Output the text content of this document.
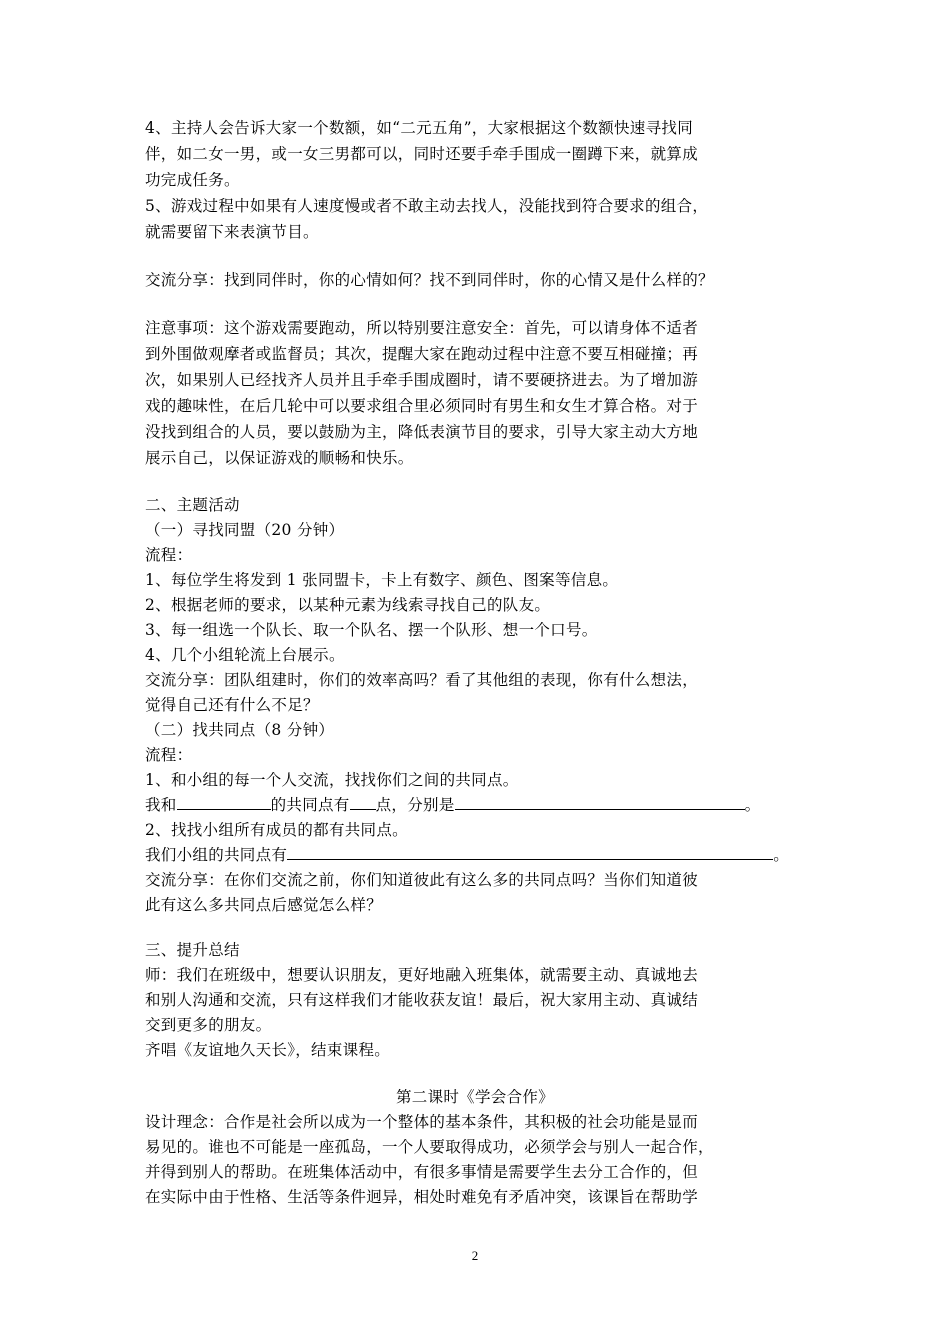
4、主持人会告诉大家一个数额，如“二元五角”，大家根据这个数额快速寻找同
伴，如二女一男，或一女三男都可以，同时还要手牵手围成一圈蹲下来，就算成
功完成任务。
5、游戏过程中如果有人速度慢或者不敢主动去找人，没能找到符合要求的组合，
就需要留下来表演节目。
交流分享：找到同伴时，你的心情如何？找不到同伴时，你的心情又是什么样的？
注意事项：这个游戏需要跑动，所以特别要注意安全：首先，可以请身体不适者
到外围做观摩者或监督员；其次，提醒大家在跑动过程中注意不要互相碰撞；再
次，如果别人已经找齐人员并且手牵手围成圈时，请不要硬挤进去。为了增加游
戏的趣味性，在后几轮中可以要求组合里必须同时有男生和女生才算合格。对于
没找到组合的人员，要以鼓励为主，降低表演节目的要求，引导大家主动大方地
展示自己，以保证游戏的顺畅和快乐。
二、主题活动
（一）寻找同盟（20 分钟）
流程：
1、每位学生将发到 1 张同盟卡，卡上有数字、颜色、图案等信息。
2、根据老师的要求，以某种元素为线索寻找自己的队友。
3、每一组选一个队长、取一个队名、摆一个队形、想一个口号。
4、几个小组轮流上台展示。
交流分享：团队组建时，你们的效率高吗？看了其他组的表现，你有什么想法，
觉得自己还有什么不足？
（二）找共同点（8 分钟）
流程：
1、和小组的每一个人交流，找找你们之间的共同点。
我和	的共同点有 点，分别是	。
2、找找小组所有成员的都有共同点。
我们小组的共同点有	。
交流分享：在你们交流之前，你们知道彼此有这么多的共同点吗？当你们知道彼
此有这么多共同点后感觉怎么样？
三、提升总结
师：我们在班级中，想要认识朋友，更好地融入班集体，就需要主动、真诚地去
和别人沟通和交流，只有这样我们才能收获友谊！最后，祝大家用主动、真诚结
交到更多的朋友。
齐唱《友谊地久天长》，结束课程。
第二课时《学会合作》
设计理念：合作是社会所以成为一个整体的基本条件，其积极的社会功能是显而
易见的。谁也不可能是一座孤岛，一个人要取得成功，必须学会与别人一起合作，
并得到别人的帮助。在班集体活动中，有很多事情是需要学生去分工合作的，但
在实际中由于性格、生活等条件迥异，相处时难免有矛盾冲突，该课旨在帮助学
2
